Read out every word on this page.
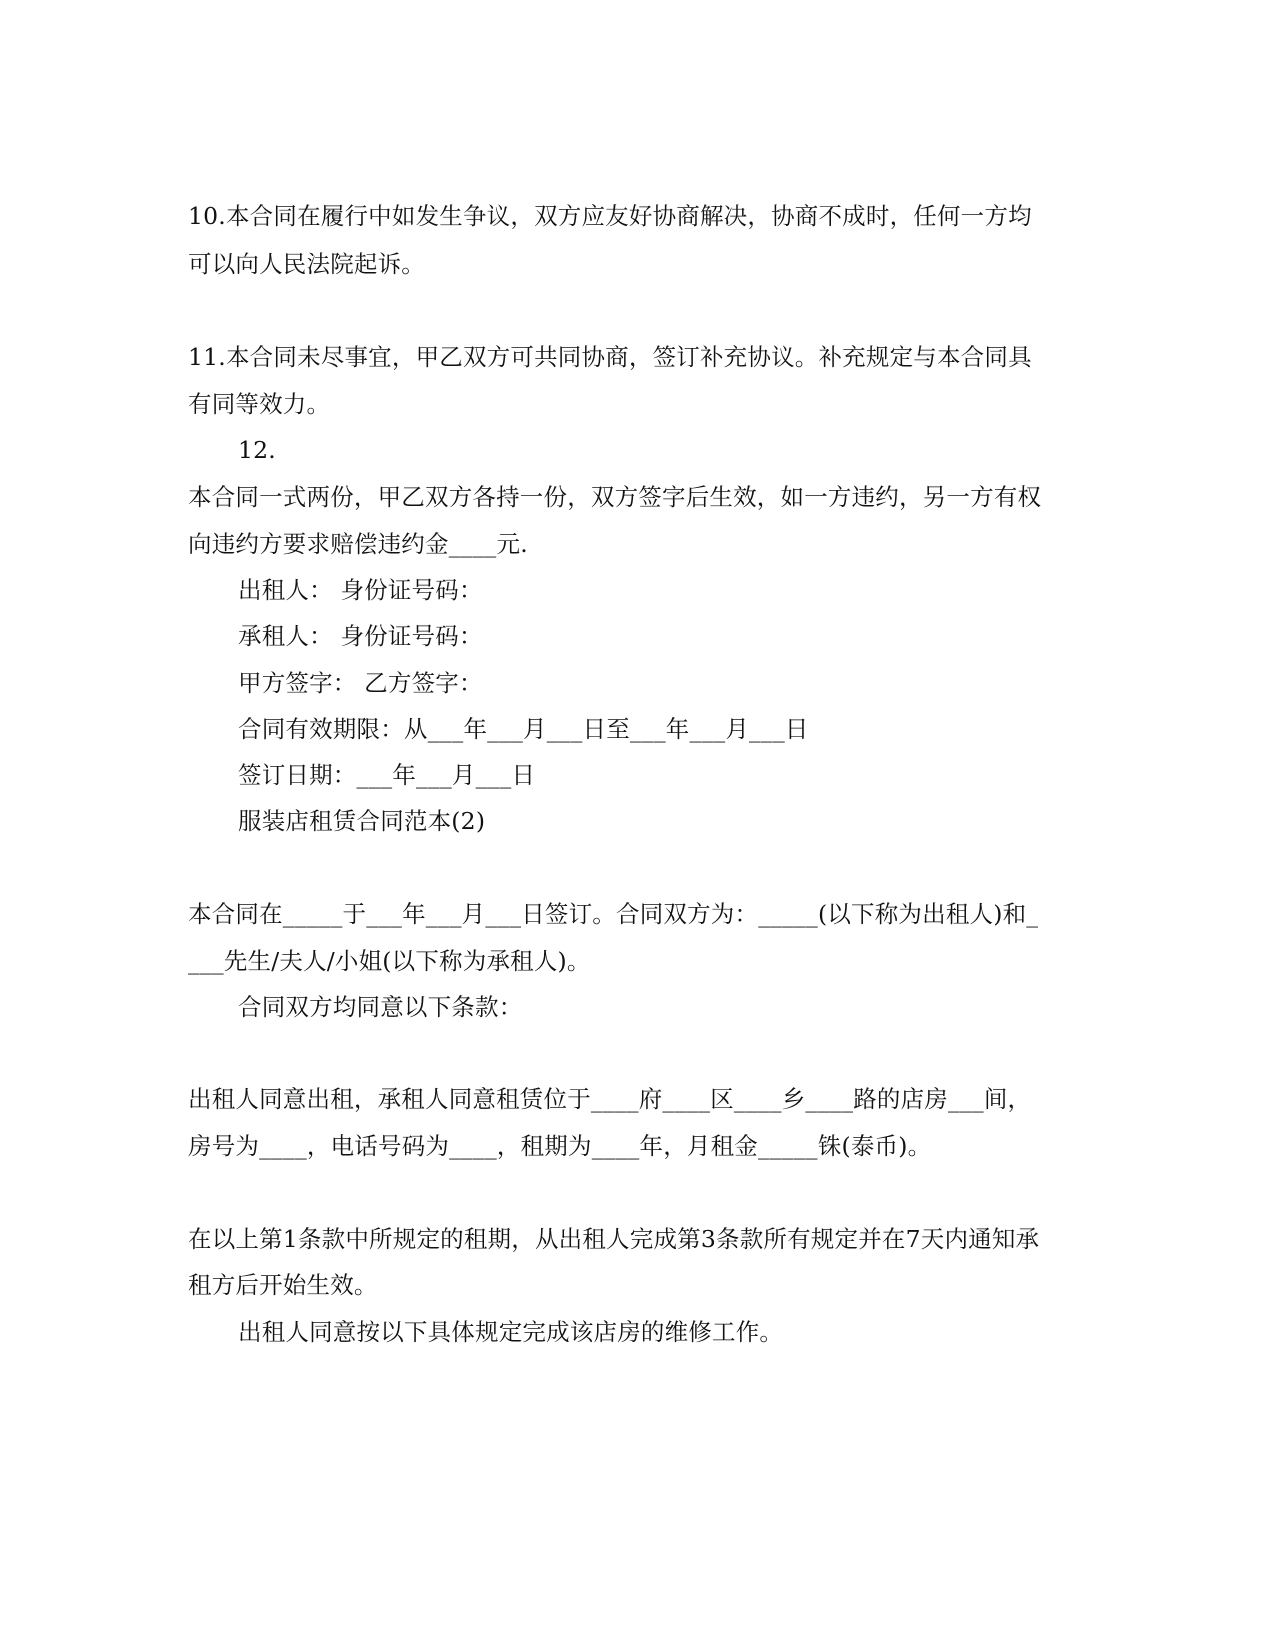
10.本合同在履行中如发生争议，双方应友好协商解决，协商不成时，任何一方均
可以向人民法院起诉。
11.本合同未尽事宜，甲乙双方可共同协商，签订补充协议。补充规定与本合同具
有同等效力。
12.
本合同一式两份，甲乙双方各持一份，双方签字后生效，如一方违约，另一方有权
向违约方要求赔偿违约金____元.
出租人： 身份证号码：
承租人： 身份证号码：
甲方签字： 乙方签字：
合同有效期限：从___年___月___日至___年___月___日
签订日期：___年___月___日
服装店租赁合同范本(2)
本合同在_____于___年___月___日签订。合同双方为：_____(以下称为出租人)和_
___先生/夫人/小姐(以下称为承租人)。
合同双方均同意以下条款：
出租人同意出租，承租人同意租赁位于____府____区____乡____路的店房___间，
房号为____，电话号码为____，租期为____年，月租金_____铢(泰币)。
在以上第1条款中所规定的租期，从出租人完成第3条款所有规定并在7天内通知承
租方后开始生效。
出租人同意按以下具体规定完成该店房的维修工作。
